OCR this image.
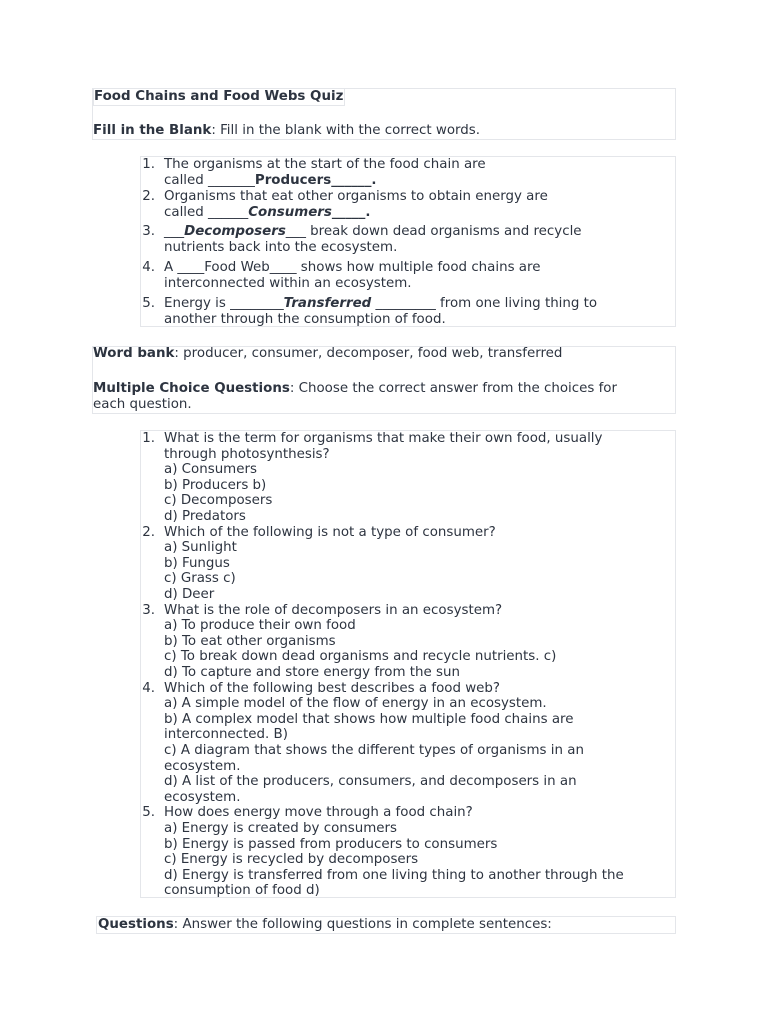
Food Chains and Food Webs Quiz
Fill in the Blank: Fill in the blank with the correct words.
1. The organisms at the start of the food chain are
called _______Producers______.
2. Organisms that eat other organisms to obtain energy are
called ______Consumers_____.
3. ___Decomposers___ break down dead organisms and recycle
nutrients back into the ecosystem.
4. A ____Food Web____ shows how multiple food chains are
interconnected within an ecosystem.
5. Energy is ________Transferred _________ from one living thing to
another through the consumption of food.
Word bank: producer, consumer, decomposer, food web, transferred
Multiple Choice Questions: Choose the correct answer from the choices for
each question.
1. What is the term for organisms that make their own food, usually
through photosynthesis?
a) Consumers
b) Producers b)
c) Decomposers
d) Predators
2. Which of the following is not a type of consumer?
a) Sunlight
b) Fungus
c) Grass c)
d) Deer
3. What is the role of decomposers in an ecosystem?
a) To produce their own food
b) To eat other organisms
c) To break down dead organisms and recycle nutrients. c)
d) To capture and store energy from the sun
4. Which of the following best describes a food web?
a) A simple model of the flow of energy in an ecosystem.
b) A complex model that shows how multiple food chains are
interconnected. B)
c) A diagram that shows the different types of organisms in an
ecosystem.
d) A list of the producers, consumers, and decomposers in an
ecosystem.
5. How does energy move through a food chain?
a) Energy is created by consumers
b) Energy is passed from producers to consumers
c) Energy is recycled by decomposers
d) Energy is transferred from one living thing to another through the
consumption of food d)
Questions: Answer the following questions in complete sentences:
